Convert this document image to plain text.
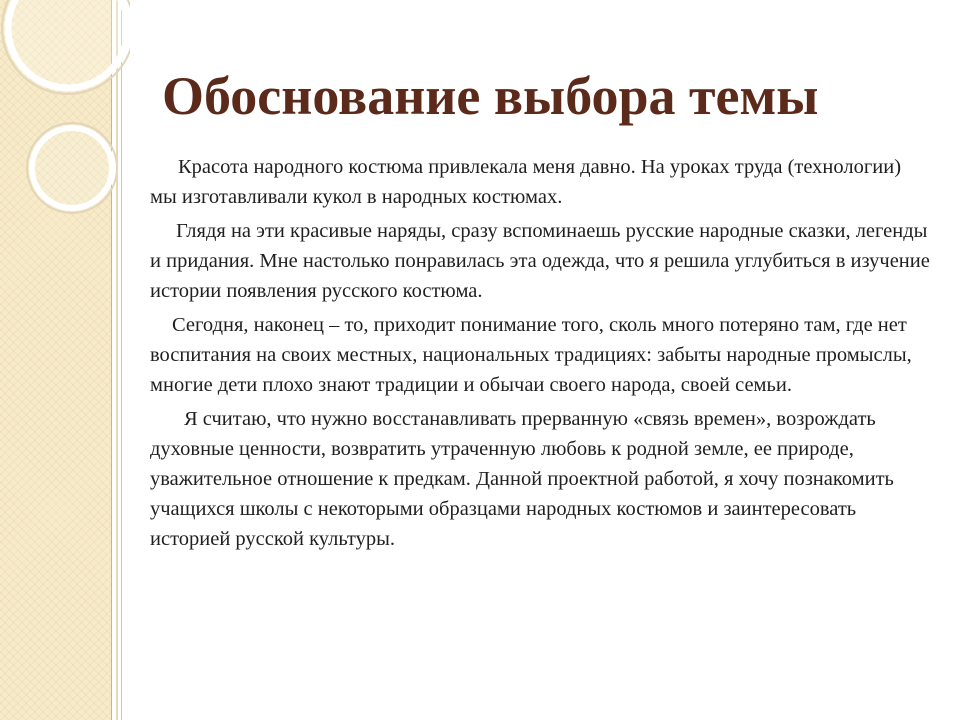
Обоснование выбора темы

Красота народного костюма привлекала меня давно. На уроках труда (технологии) мы изготавливали кукол в народных костюмах.

Глядя на эти красивые наряды, сразу вспоминаешь русские народные сказки, легенды и придания. Мне настолько понравилась эта одежда, что я решила углубиться в изучение истории появления русского костюма.

Сегодня, наконец – то, приходит понимание того, сколь много потеряно там, где нет воспитания на своих местных, национальных традициях: забыты народные промыслы, многие дети плохо знают традиции и обычаи своего народа, своей семьи.

Я считаю, что нужно восстанавливать прерванную «связь времен», возрождать духовные ценности, возвратить утраченную любовь к родной земле, ее природе, уважительное отношение к предкам. Данной проектной работой, я хочу познакомить учащихся школы с некоторыми образцами народных костюмов и заинтересовать историей русской культуры.
